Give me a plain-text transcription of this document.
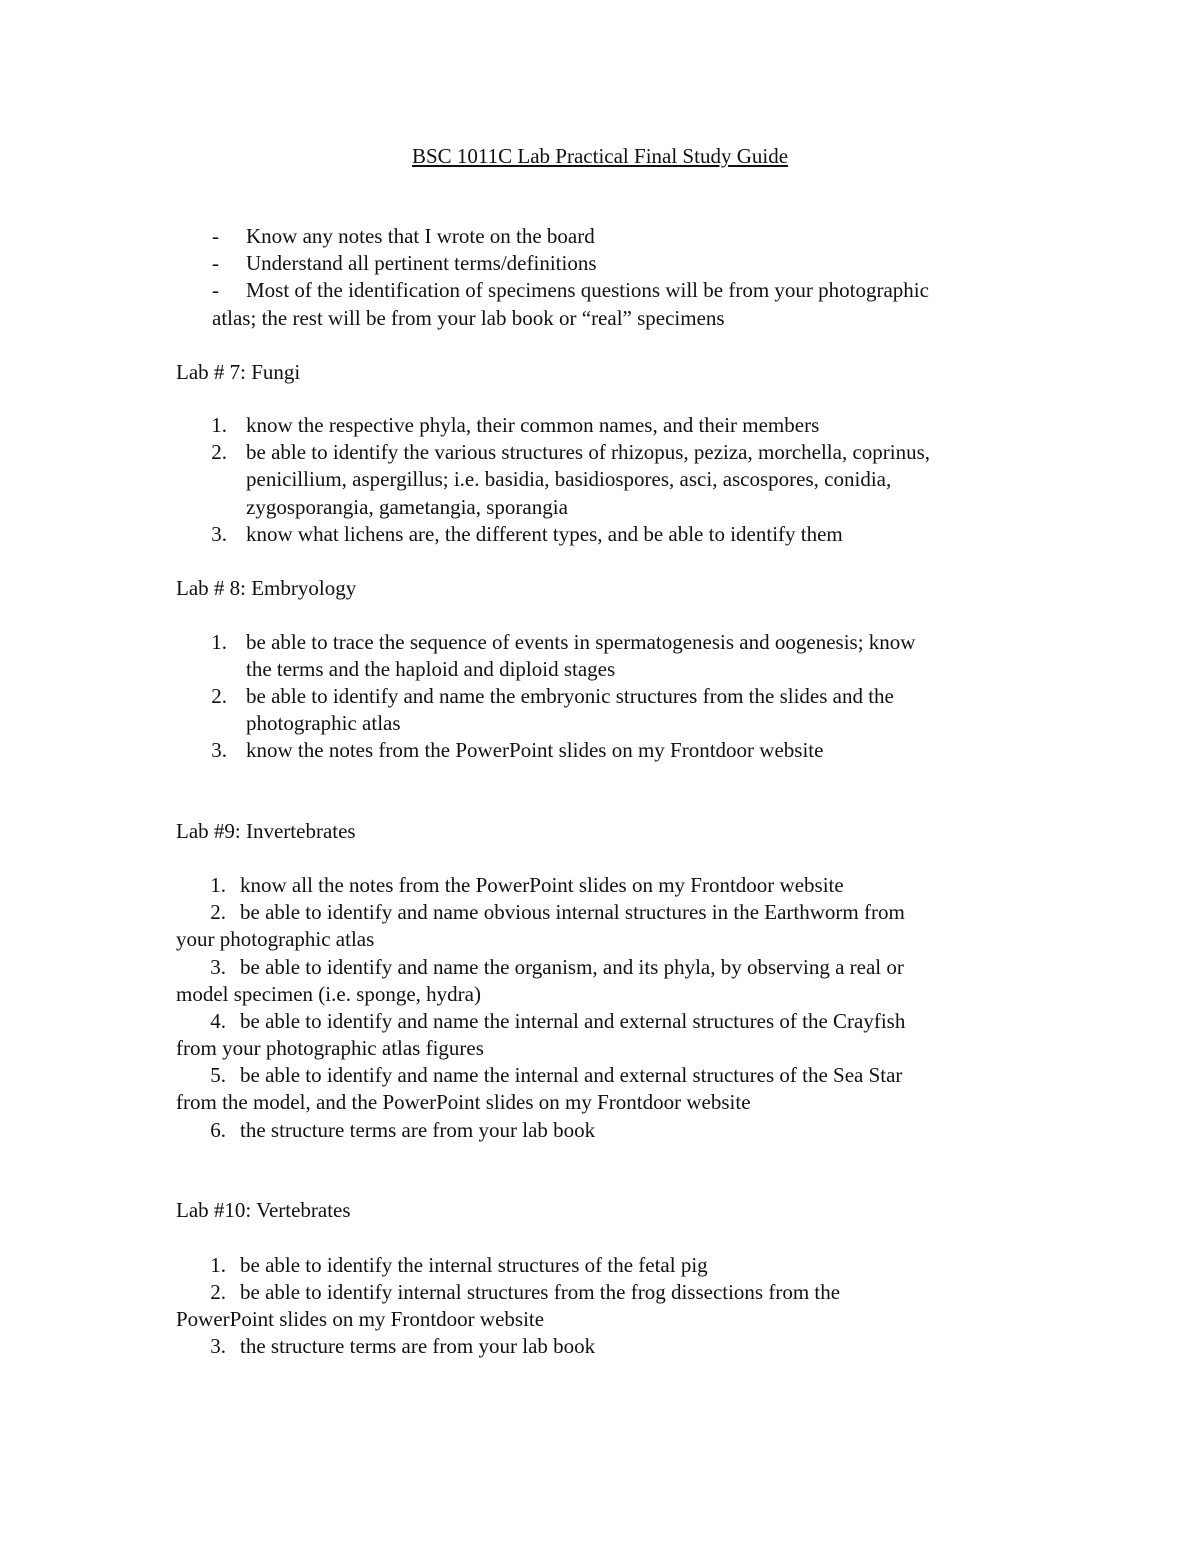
BSC 1011C Lab Practical Final Study Guide
- Know any notes that I wrote on the board
- Understand all pertinent terms/definitions
- Most of the identification of specimens questions will be from your photographic
atlas; the rest will be from your lab book or “real” specimens
Lab # 7: Fungi
1. know the respective phyla, their common names, and their members
2. be able to identify the various structures of rhizopus, peziza, morchella, coprinus,
penicillium, aspergillus; i.e. basidia, basidiospores, asci, ascospores, conidia,
zygosporangia, gametangia, sporangia
3. know what lichens are, the different types, and be able to identify them
Lab # 8: Embryology
1. be able to trace the sequence of events in spermatogenesis and oogenesis; know
the terms and the haploid and diploid stages
2. be able to identify and name the embryonic structures from the slides and the
photographic atlas
3. know the notes from the PowerPoint slides on my Frontdoor website
Lab #9: Invertebrates
1. know all the notes from the PowerPoint slides on my Frontdoor website
2. be able to identify and name obvious internal structures in the Earthworm from
your photographic atlas
3. be able to identify and name the organism, and its phyla, by observing a real or
model specimen (i.e. sponge, hydra)
4. be able to identify and name the internal and external structures of the Crayfish
from your photographic atlas figures
5. be able to identify and name the internal and external structures of the Sea Star
from the model, and the PowerPoint slides on my Frontdoor website
6. the structure terms are from your lab book
Lab #10: Vertebrates
1. be able to identify the internal structures of the fetal pig
2. be able to identify internal structures from the frog dissections from the
PowerPoint slides on my Frontdoor website
3. the structure terms are from your lab book
